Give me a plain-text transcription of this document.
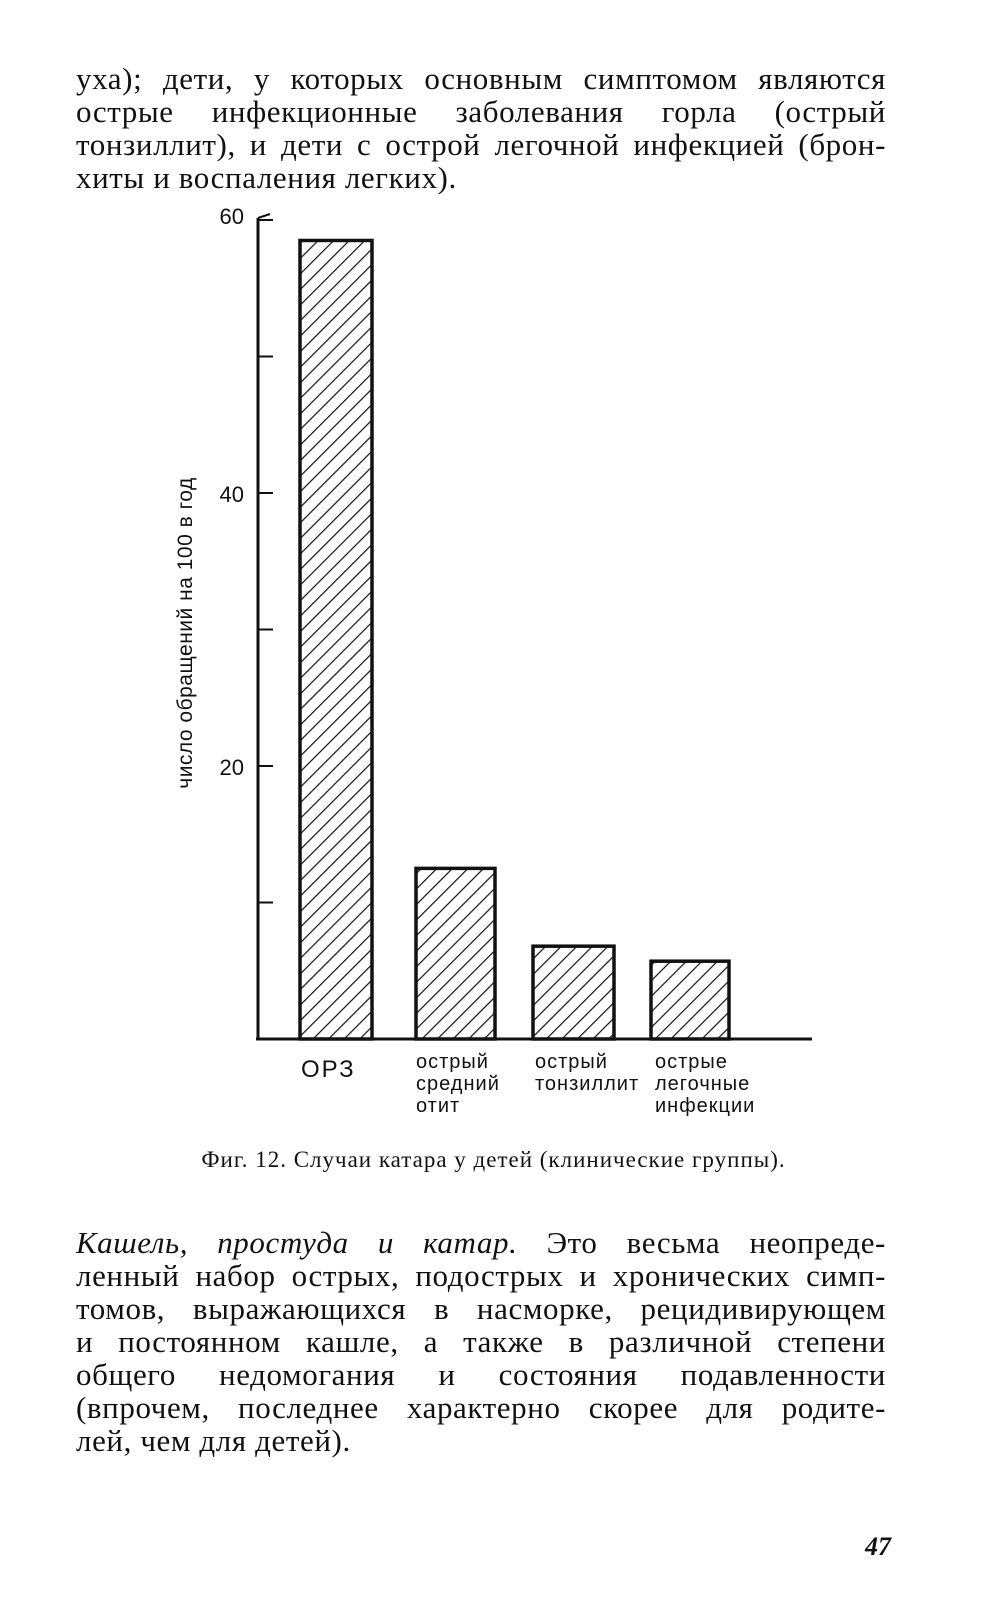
уха); дети, у которых основным симптомом являются
острые инфекционные заболевания горла (острый
тонзиллит), и дети с острой легочной инфекцией (брон-
хиты и воспаления легких).
20
40
60
число обращений на 100 в год
ОРЗ	острый
средний
отит
острый
тонзиллит
острые
легочные
инфекции
Фиг. 12. Случаи катара у детей (клинические группы).
Кашель, простуда и катар. Это весьма неопреде-
ленный набор острых, подострых и хронических симп-
томов, выражающихся в насморке, рецидивирующем
и постоянном кашле, а также в различной степени
общего недомогания и состояния подавленности
(впрочем, последнее характерно скорее для родите-
лей, чем для детей).
47
